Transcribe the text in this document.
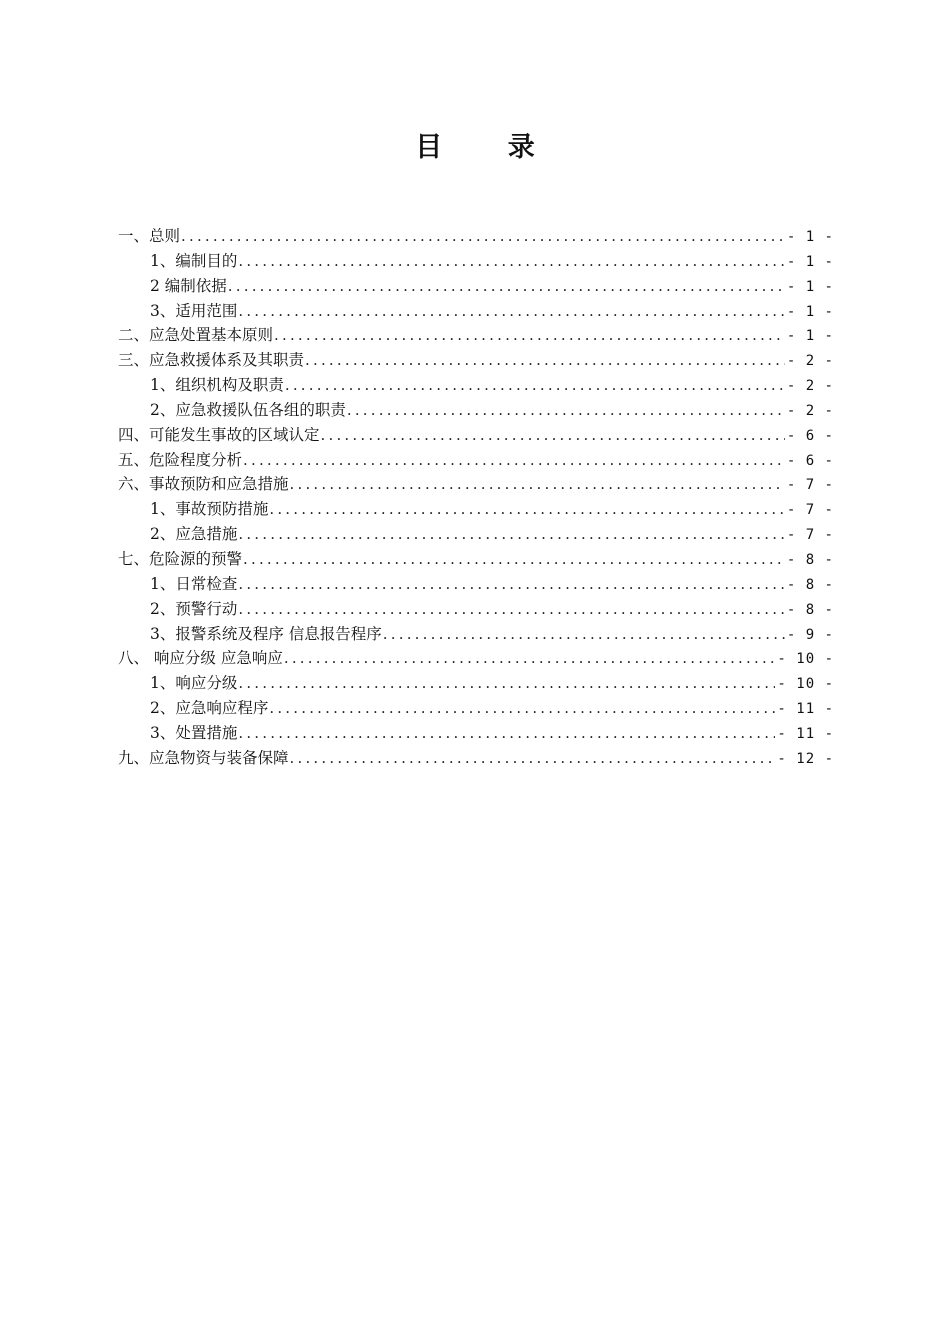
目 录
一、总则 .....	- 1 -
1、编制目的 .....	- 1 -
2 编制依据 .....	- 1 -
3、适用范围 .....	- 1 -
二、应急处置基本原则 .....	- 1 -
三、应急救援体系及其职责 .....	- 2 -
1、组织机构及职责 .....	- 2 -
2、应急救援队伍各组的职责 .....	- 2 -
四、可能发生事故的区域认定 .....	- 6 -
五、危险程度分析 .....	- 6 -
六、事故预防和应急措施 .....	- 7 -
1、事故预防措施 .....	- 7 -
2、应急措施 .....	- 7 -
七、危险源的预警 .....	- 8 -
1、日常检查 .....	- 8 -
2、预警行动 .....	- 8 -
3、报警系统及程序 信息报告程序 .....	- 9 -
八、 响应分级 应急响应 .....	- 10 -
1、响应分级 .....	- 10 -
2、应急响应程序 .....	- 11 -
3、处置措施 .....	- 11 -
九、应急物资与装备保障 .....	- 12 -
